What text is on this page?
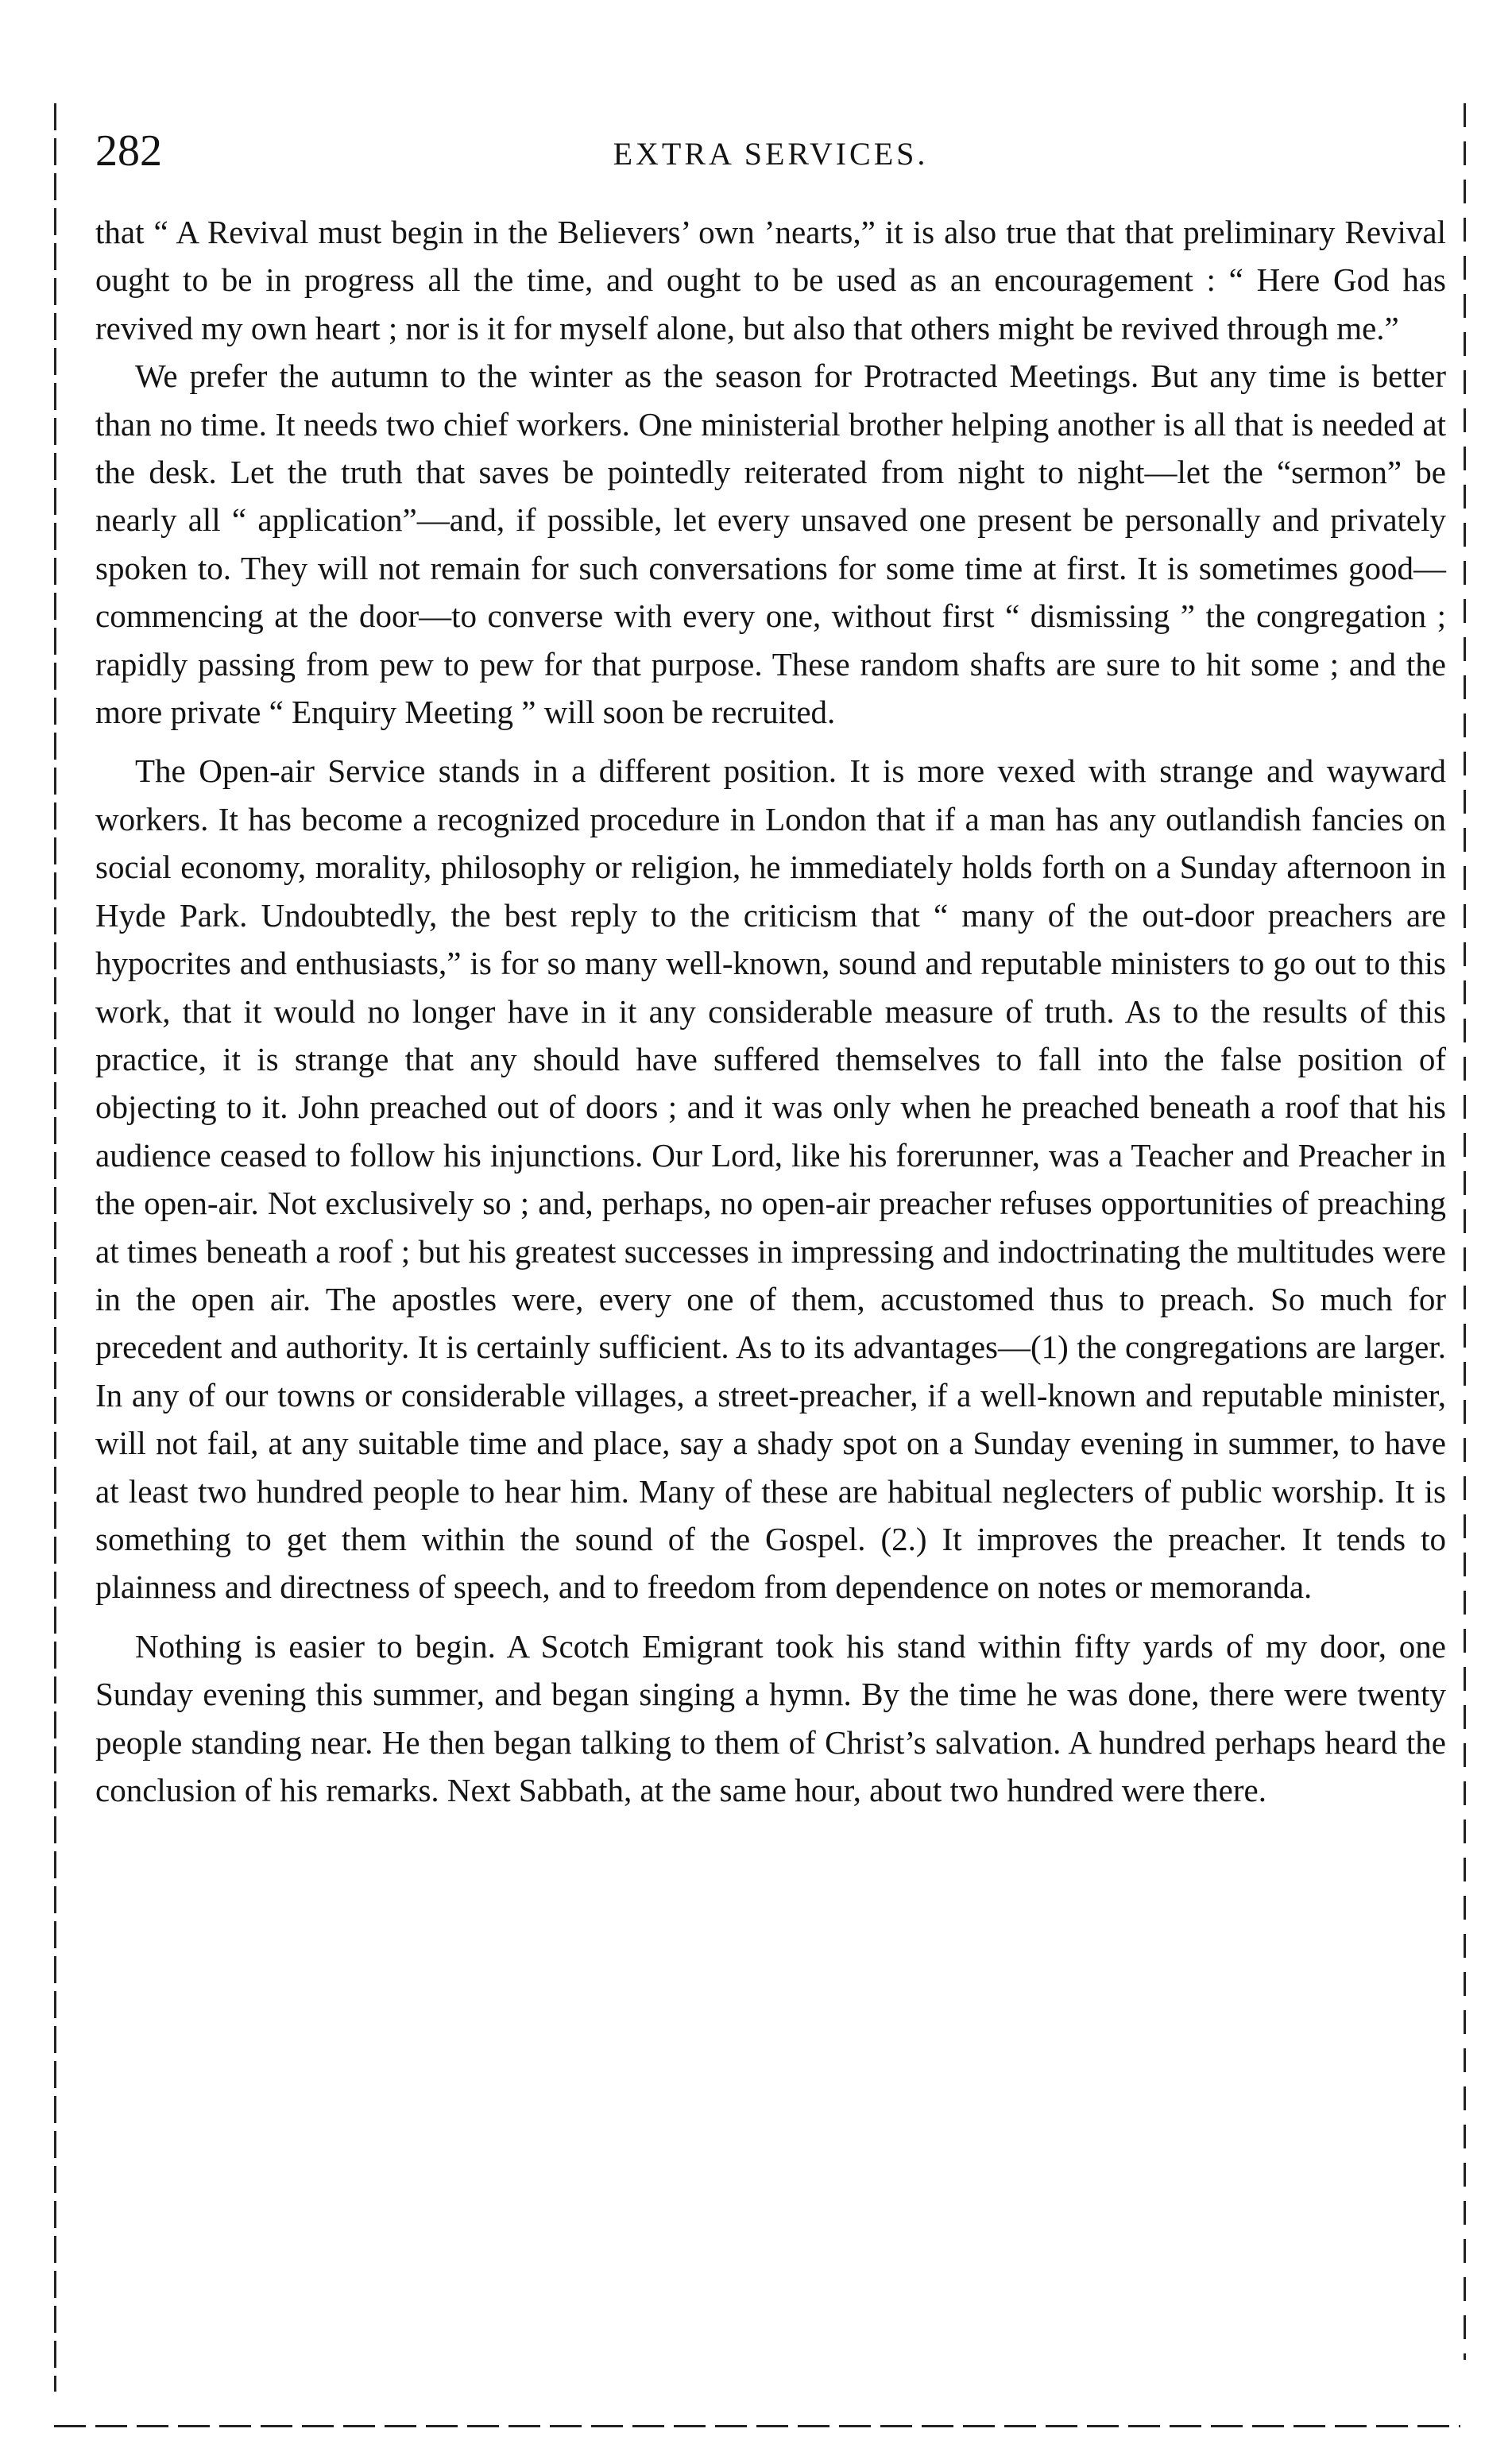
282	EXTRA SERVICES.

that “ A Revival must begin in the Believers’ own ’nearts,” it is also true that that preliminary Revival ought to be in progress all the time, and ought to be used as an encouragement : “ Here God has revived my own heart ; nor is it for myself alone, but also that others might be revived through me.”

We prefer the autumn to the winter as the season for Protracted Meetings. But any time is better than no time. It needs two chief workers. One ministerial brother helping another is all that is needed at the desk. Let the truth that saves be pointedly reiterated from night to night—let the “sermon” be nearly all “ application”—and, if possible, let every unsaved one present be personally and privately spoken to. They will not remain for such conversations for some time at first. It is sometimes good—commencing at the door—to converse with every one, without first “ dismissing ” the congregation ; rapidly passing from pew to pew for that purpose. These random shafts are sure to hit some ; and the more private “ Enquiry Meeting ” will soon be recruited.

The Open-air Service stands in a different position. It is more vexed with strange and wayward workers. It has become a recognized procedure in London that if a man has any outlandish fancies on social economy, morality, philosophy or religion, he immediately holds forth on a Sunday afternoon in Hyde Park. Undoubtedly, the best reply to the criticism that “ many of the out-door preachers are hypocrites and enthusiasts,” is for so many well-known, sound and reputable ministers to go out to this work, that it would no longer have in it any considerable measure of truth. As to the results of this practice, it is strange that any should have suffered themselves to fall into the false position of objecting to it. John preached out of doors ; and it was only when he preached beneath a roof that his audience ceased to follow his injunctions. Our Lord, like his forerunner, was a Teacher and Preacher in the open-air. Not exclusively so ; and, perhaps, no open-air preacher refuses opportunities of preaching at times beneath a roof ; but his greatest successes in impressing and indoctrinating the multitudes were in the open air. The apostles were, every one of them, accustomed thus to preach. So much for precedent and authority. It is certainly sufficient. As to its advantages—(1) the congregations are larger. In any of our towns or considerable villages, a street-preacher, if a well-known and reputable minister, will not fail, at any suitable time and place, say a shady spot on a Sunday evening in summer, to have at least two hundred people to hear him. Many of these are habitual neglecters of public worship. It is something to get them within the sound of the Gospel. (2.) It improves the preacher. It tends to plainness and directness of speech, and to freedom from dependence on notes or memoranda.

Nothing is easier to begin. A Scotch Emigrant took his stand within fifty yards of my door, one Sunday evening this summer, and began singing a hymn. By the time he was done, there were twenty people standing near. He then began talking to them of Christ’s salvation. A hundred perhaps heard the conclusion of his remarks. Next Sabbath, at the same hour, about two hundred were there.
